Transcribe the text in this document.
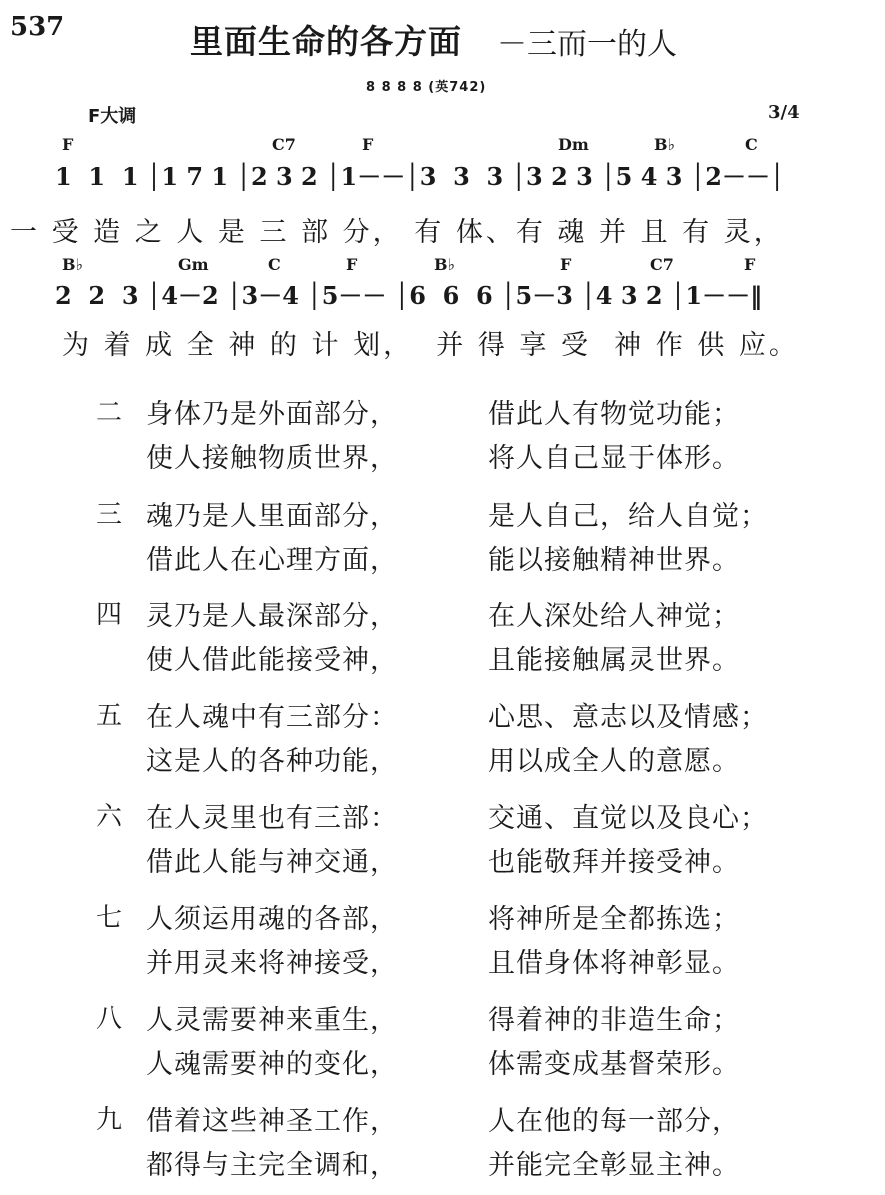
537	里面生命的各方面 －三而一的人
8 8 8 8 (英742)
F大调	3/4
F	C7	F	Dm	B♭	C
1  1  1 │1 7 1 │2 3 2 │1－－│3  3  3 │3 2 3 │5 4 3 │2－－│
一 受 造 之 人 是 三 部 分， 有 体、有 魂 并 且 有 灵，
B♭	Gm	C	F	B♭	F	C7	F
2  2  3 │4－2 │3－4 │5－－ │6  6  6 │5－3 │4 3 2 │1－－‖
为 着 成 全 神 的 计 划，  并 得 享 受  神 作 供 应。
二 身体乃是外面部分，	借此人有物觉功能；
使人接触物质世界，	将人自己显于体形。
三 魂乃是人里面部分，	是人自己，给人自觉；
借此人在心理方面，	能以接触精神世界。
四 灵乃是人最深部分，	在人深处给人神觉；
使人借此能接受神，	且能接触属灵世界。
五 在人魂中有三部分：	心思、意志以及情感；
这是人的各种功能，	用以成全人的意愿。
六 在人灵里也有三部：	交通、直觉以及良心；
借此人能与神交通，	也能敬拜并接受神。
七 人须运用魂的各部，	将神所是全都拣选；
并用灵来将神接受，	且借身体将神彰显。
八 人灵需要神来重生，	得着神的非造生命；
人魂需要神的变化，	体需变成基督荣形。
九 借着这些神圣工作，	人在他的每一部分，
都得与主完全调和，	并能完全彰显主神。
